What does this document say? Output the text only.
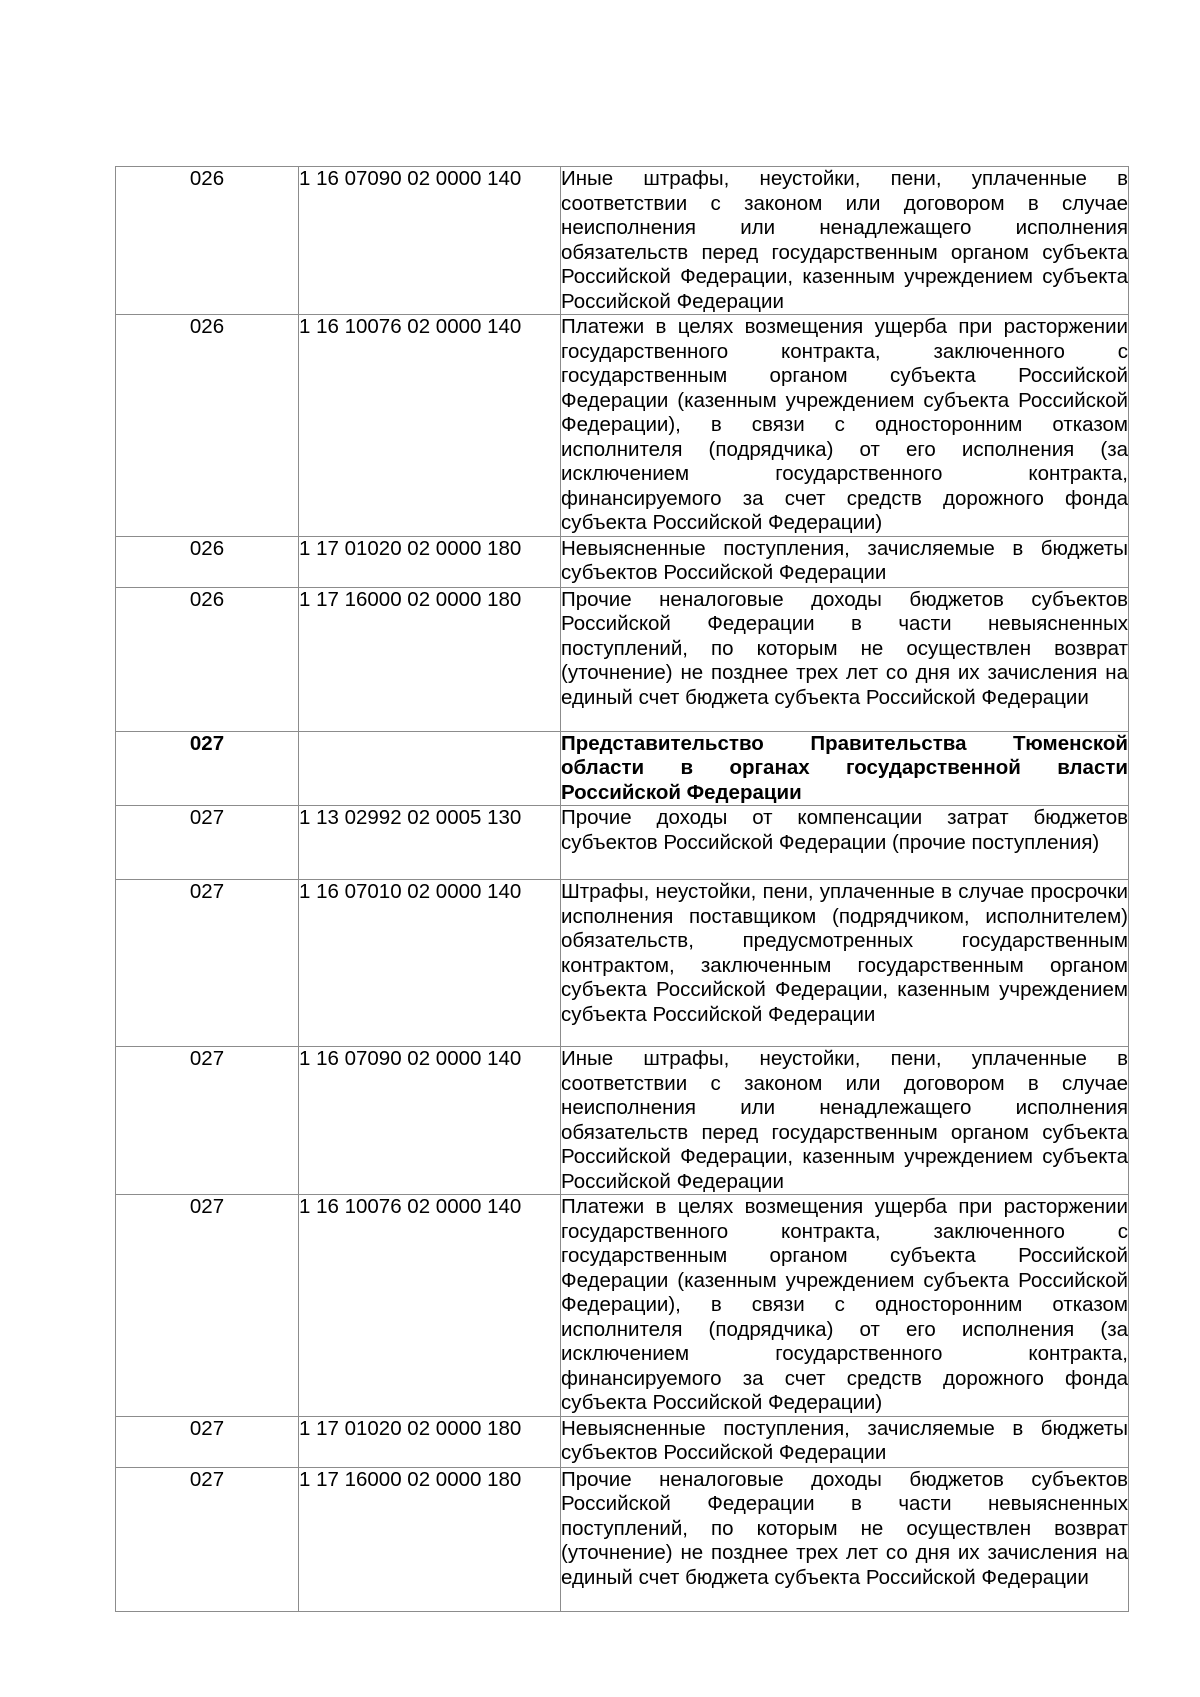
026	1 16 07090 02 0000 140	Иные штрафы, неустойки, пени, уплаченные в соответствии с законом или договором в случае неисполнения или ненадлежащего исполнения обязательств перед государственным органом субъекта Российской Федерации, казенным учреждением субъекта Российской Федерации
026	1 16 10076 02 0000 140	Платежи в целях возмещения ущерба при расторжении государственного контракта, заключенного с государственным органом субъекта Российской Федерации (казенным учреждением субъекта Российской Федерации), в связи с односторонним отказом исполнителя (подрядчика) от его исполнения (за исключением государственного контракта, финансируемого за счет средств дорожного фонда субъекта Российской Федерации)
026	1 17 01020 02 0000 180	Невыясненные поступления, зачисляемые в бюджеты субъектов Российской Федерации
026	1 17 16000 02 0000 180	Прочие неналоговые доходы бюджетов субъектов Российской Федерации в части невыясненных поступлений, по которым не осуществлен возврат (уточнение) не позднее трех лет со дня их зачисления на единый счет бюджета субъекта Российской Федерации
027		Представительство Правительства Тюменской области в органах государственной власти Российской Федерации
027	1 13 02992 02 0005 130	Прочие доходы от компенсации затрат бюджетов субъектов Российской Федерации (прочие поступления)
027	1 16 07010 02 0000 140	Штрафы, неустойки, пени, уплаченные в случае просрочки исполнения поставщиком (подрядчиком, исполнителем) обязательств, предусмотренных государственным контрактом, заключенным государственным органом субъекта Российской Федерации, казенным учреждением субъекта Российской Федерации
027	1 16 07090 02 0000 140	Иные штрафы, неустойки, пени, уплаченные в соответствии с законом или договором в случае неисполнения или ненадлежащего исполнения обязательств перед государственным органом субъекта Российской Федерации, казенным учреждением субъекта Российской Федерации
027	1 16 10076 02 0000 140	Платежи в целях возмещения ущерба при расторжении государственного контракта, заключенного с государственным органом субъекта Российской Федерации (казенным учреждением субъекта Российской Федерации), в связи с односторонним отказом исполнителя (подрядчика) от его исполнения (за исключением государственного контракта, финансируемого за счет средств дорожного фонда субъекта Российской Федерации)
027	1 17 01020 02 0000 180	Невыясненные поступления, зачисляемые в бюджеты субъектов Российской Федерации
027	1 17 16000 02 0000 180	Прочие неналоговые доходы бюджетов субъектов Российской Федерации в части невыясненных поступлений, по которым не осуществлен возврат (уточнение) не позднее трех лет со дня их зачисления на единый счет бюджета субъекта Российской Федерации
